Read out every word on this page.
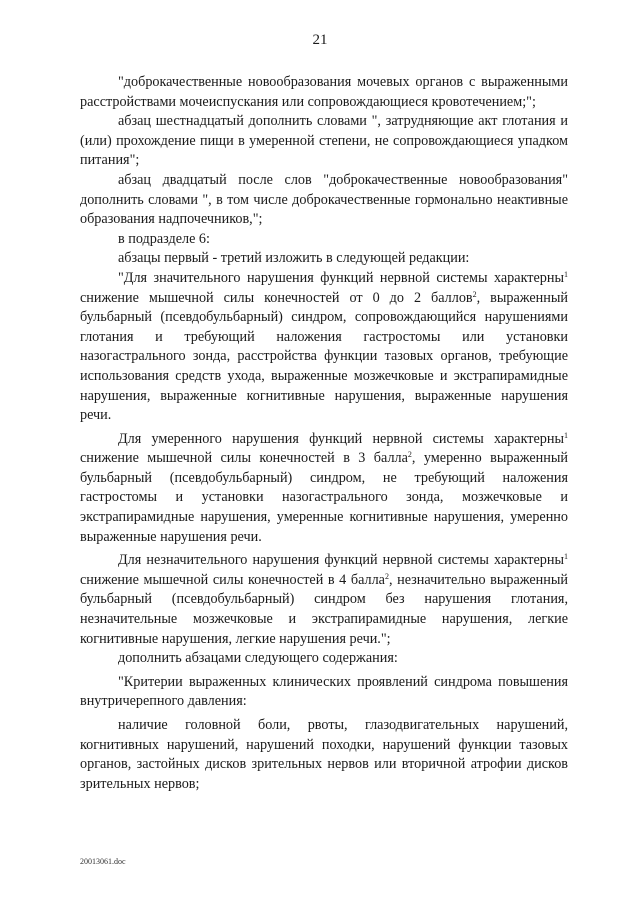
21

"доброкачественные новообразования мочевых органов с выраженными расстройствами мочеиспускания или сопровождающиеся кровотечением;";

абзац шестнадцатый дополнить словами ", затрудняющие акт глотания и (или) прохождение пищи в умеренной степени, не сопровождающиеся упадком питания";

абзац двадцатый после слов "доброкачественные новообразования" дополнить словами ", в том числе доброкачественные гормонально неактивные образования надпочечников,";

в подразделе 6:

абзацы первый - третий изложить в следующей редакции:

"Для значительного нарушения функций нервной системы характерны$^1$ снижение мышечной силы конечностей от 0 до 2 баллов$^2$, выраженный бульбарный (псевдобульбарный) синдром, сопровождающийся нарушениями глотания и требующий наложения гастростомы или установки назогастрального зонда, расстройства функции тазовых органов, требующие использования средств ухода, выраженные мозжечковые и экстрапирамидные нарушения, выраженные когнитивные нарушения, выраженные нарушения речи.

Для умеренного нарушения функций нервной системы характерны$^1$ снижение мышечной силы конечностей в 3 балла$^2$, умеренно выраженный бульбарный (псевдобульбарный) синдром, не требующий наложения гастростомы и установки назогастрального зонда, мозжечковые и экстрапирамидные нарушения, умеренные когнитивные нарушения, умеренно выраженные нарушения речи.

Для незначительного нарушения функций нервной системы характерны$^1$ снижение мышечной силы конечностей в 4 балла$^2$, незначительно выраженный бульбарный (псевдобульбарный) синдром без нарушения глотания, незначительные мозжечковые и экстрапирамидные нарушения, легкие когнитивные нарушения, легкие нарушения речи.";

дополнить абзацами следующего содержания:

"Критерии выраженных клинических проявлений синдрома повышения внутричерепного давления:

наличие головной боли, рвоты, глазодвигательных нарушений, когнитивных нарушений, нарушений походки, нарушений функции тазовых органов, застойных дисков зрительных нервов или вторичной атрофии дисков зрительных нервов;

20013061.doc
